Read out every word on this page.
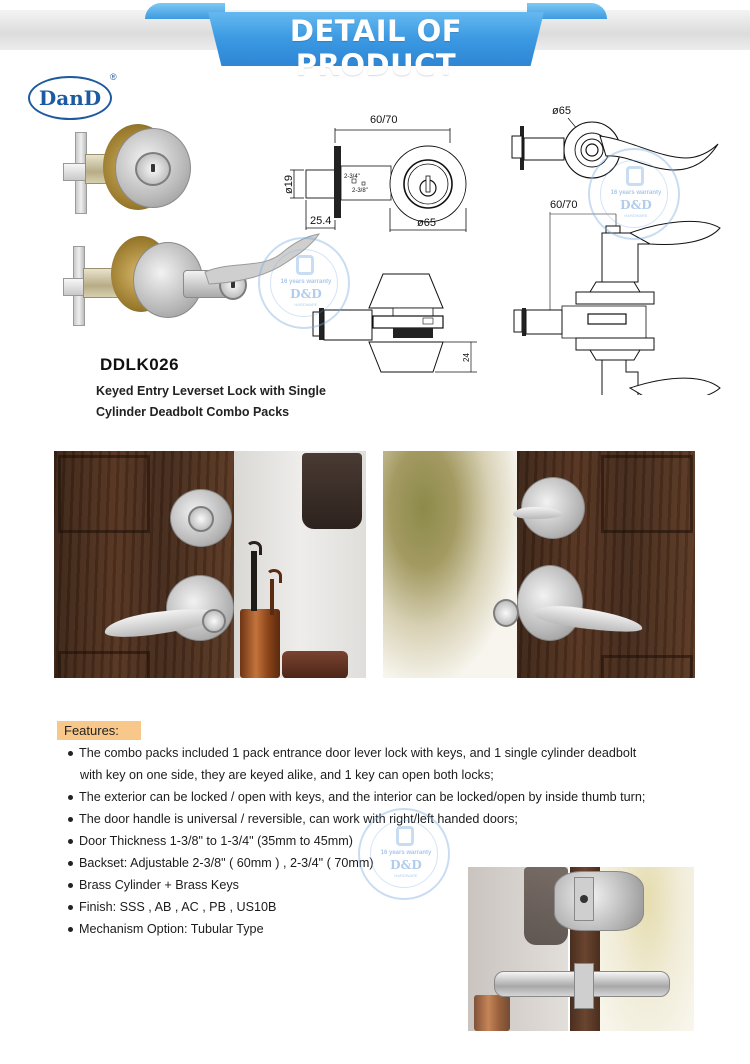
DETAIL OF PRODUCT
DanD
®
60/70
2-3/4"
2-3/8"
ø19
25.4	ø65
24
ø65
60/70
16 years warranty
D&D
HARDWARE
16 years warranty
D&D
HARDWARE
DDLK026
Keyed Entry Leverset Lock with Single
Cylinder Deadbolt Combo Packs
Features:
The combo packs included 1 pack entrance door lever lock with keys, and 1 single cylinder deadbolt
with key on one side, they are keyed alike, and 1 key can open both locks;
The exterior can be locked / open with keys, and the interior can be locked/open by inside thumb turn;
The door handle is universal / reversible, can work with right/left handed doors;
Door Thickness 1-3/8" to 1-3/4" (35mm to 45mm)
Backset: Adjustable 2-3/8" ( 60mm ) , 2-3/4" ( 70mm)
Brass Cylinder + Brass Keys
Finish: SSS , AB , AC , PB , US10B
Mechanism Option: Tubular Type
16 years warranty
D&D
HARDWARE
